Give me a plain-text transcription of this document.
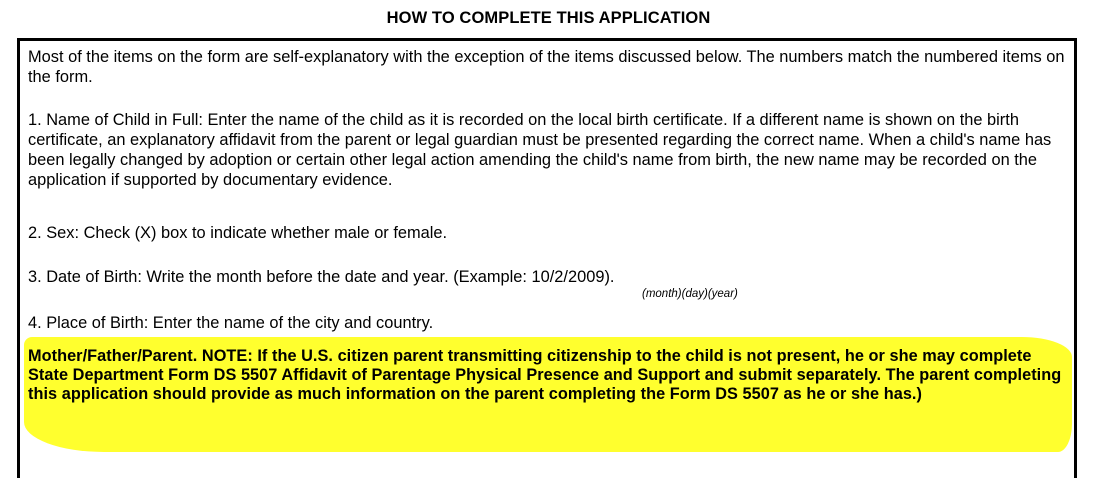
HOW TO COMPLETE THIS APPLICATION

Most of the items on the form are self-explanatory with the exception of the items discussed below. The numbers match the numbered items on the form.

1. Name of Child in Full: Enter the name of the child as it is recorded on the local birth certificate. If a different name is shown on the birth certificate, an explanatory affidavit from the parent or legal guardian must be presented regarding the correct name. When a child's name has been legally changed by adoption or certain other legal action amending the child's name from birth, the new name may be recorded on the application if supported by documentary evidence.

2. Sex: Check (X) box to indicate whether male or female.

3. Date of Birth: Write the month before the date and year. (Example: 10/2/2009).

(month)(day)(year)

4. Place of Birth: Enter the name of the city and country.

Mother/Father/Parent. NOTE: If the U.S. citizen parent transmitting citizenship to the child is not present, he or she may complete State Department Form DS 5507 Affidavit of Parentage Physical Presence and Support and submit separately. The parent completing this application should provide as much information on the parent completing the Form DS 5507 as he or she has.)
